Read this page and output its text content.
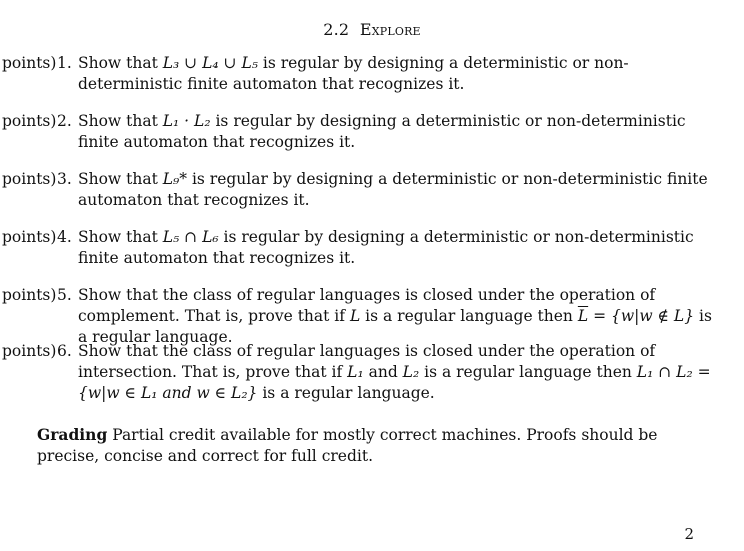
2.2 Explore
points) 1. Show that L₃ ∪ L₄ ∪ L₅ is regular by designing a deterministic or non-deterministic finite automaton that recognizes it.
points) 2. Show that L₁ · L₂ is regular by designing a deterministic or non-deterministic finite automaton that recognizes it.
points) 3. Show that L₉* is regular by designing a deterministic or non-deterministic finite automaton that recognizes it.
points) 4. Show that L₅ ∩ L₆ is regular by designing a deterministic or non-deterministic finite automaton that recognizes it.
points) 5. Show that the class of regular languages is closed under the operation of complement. That is, prove that if L is a regular language then $\overline{L} = \{w|w$ ∉ L} is a regular language.
points) 6. Show that the class of regular languages is closed under the operation of intersection. That is, prove that if L₁ and L₂ is a regular language then L₁ ∩ L₂ = {w|w ∈ L₁ and w ∈ L₂} is a regular language.
Grading Partial credit available for mostly correct machines. Proofs should be precise, concise and correct for full credit.
2
